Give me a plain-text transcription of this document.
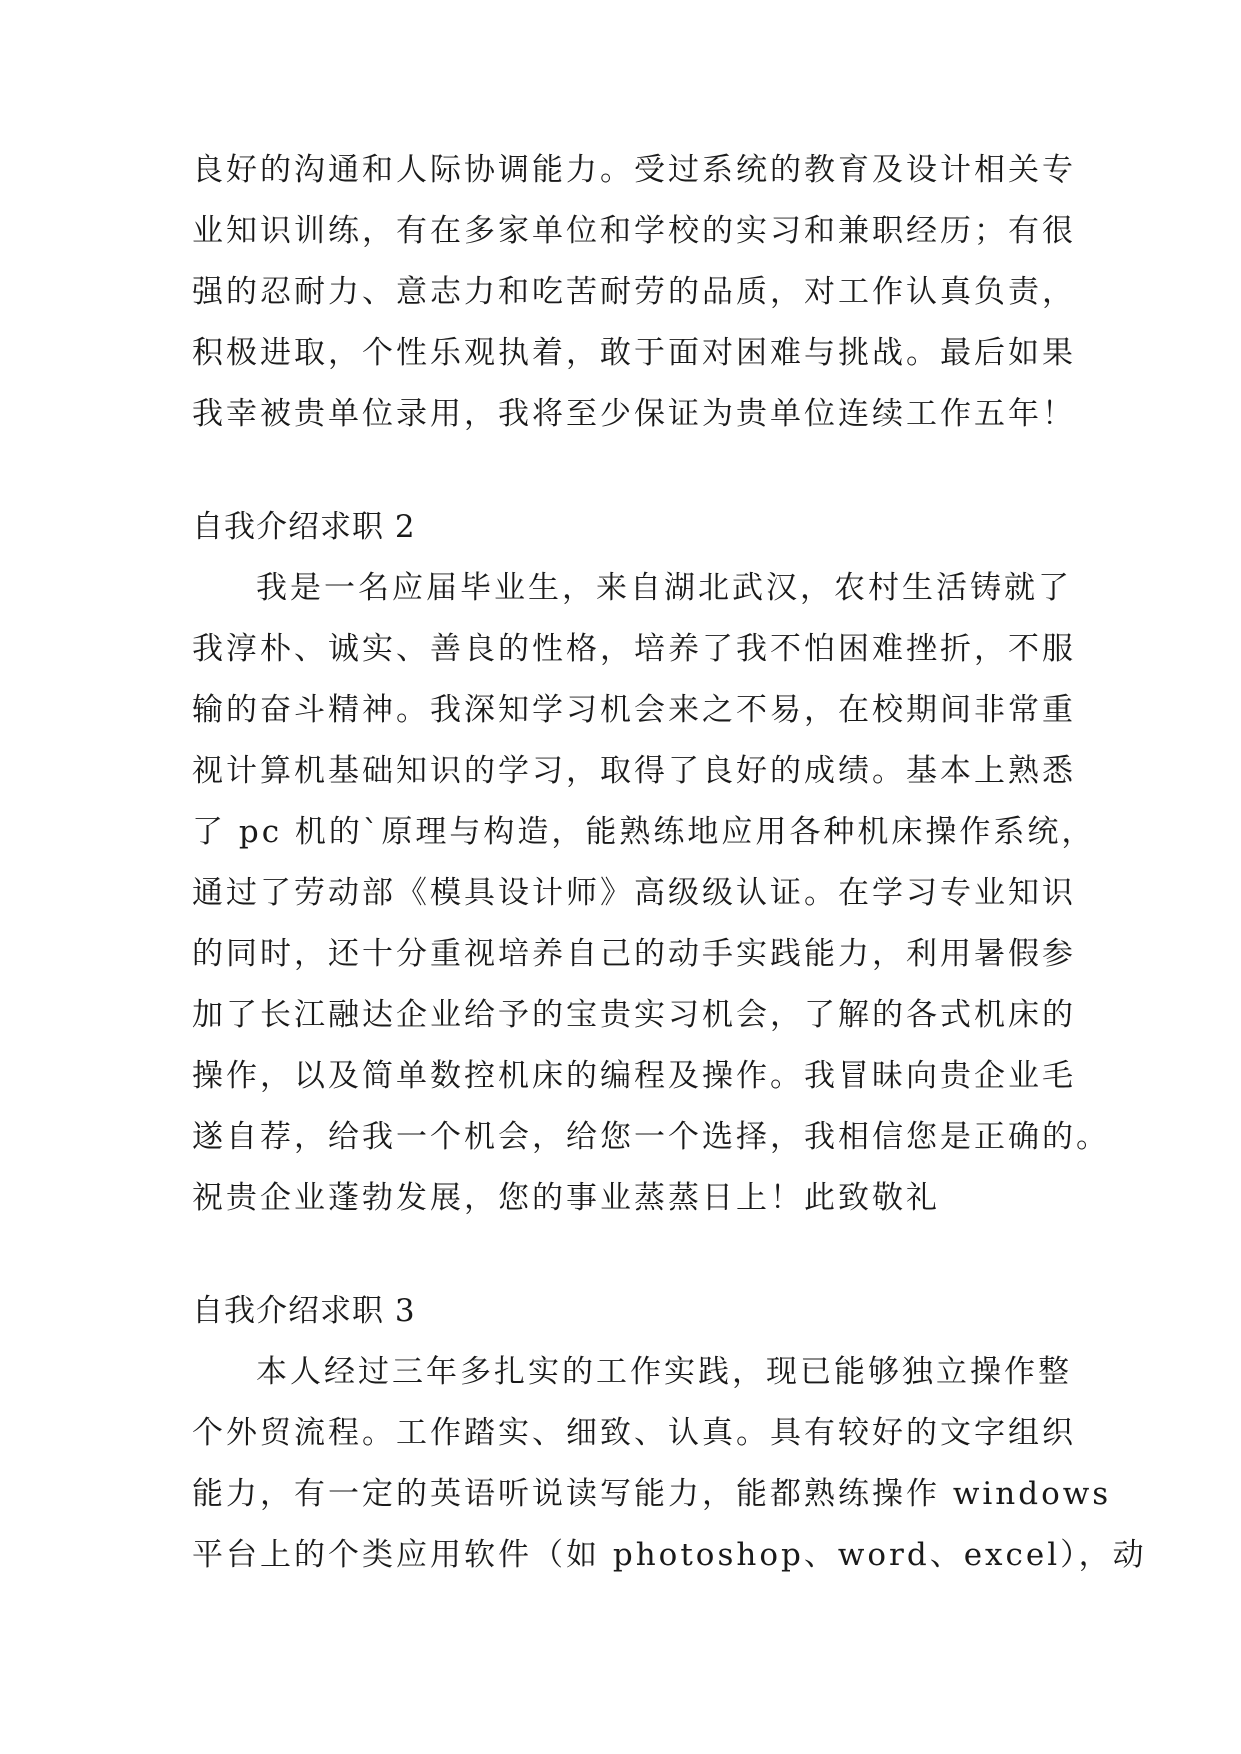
良好的沟通和人际协调能力。受过系统的教育及设计相关专
业知识训练，有在多家单位和学校的实习和兼职经历；有很
强的忍耐力、意志力和吃苦耐劳的品质，对工作认真负责，
积极进取，个性乐观执着，敢于面对困难与挑战。最后如果
我幸被贵单位录用，我将至少保证为贵单位连续工作五年！
自我介绍求职 2
我是一名应届毕业生，来自湖北武汉，农村生活铸就了
我淳朴、诚实、善良的性格，培养了我不怕困难挫折，不服
输的奋斗精神。我深知学习机会来之不易，在校期间非常重
视计算机基础知识的学习，取得了良好的成绩。基本上熟悉
了 pc 机的`原理与构造，能熟练地应用各种机床操作系统，
通过了劳动部《模具设计师》高级级认证。在学习专业知识
的同时，还十分重视培养自己的动手实践能力，利用暑假参
加了长江融达企业给予的宝贵实习机会，了解的各式机床的
操作，以及简单数控机床的编程及操作。我冒昧向贵企业毛
遂自荐，给我一个机会，给您一个选择，我相信您是正确的。
祝贵企业蓬勃发展，您的事业蒸蒸日上！此致敬礼
自我介绍求职 3
本人经过三年多扎实的工作实践，现已能够独立操作整
个外贸流程。工作踏实、细致、认真。具有较好的文字组织
能力，有一定的英语听说读写能力，能都熟练操作 windows
平台上的个类应用软件（如 photoshop、word、excel），动
